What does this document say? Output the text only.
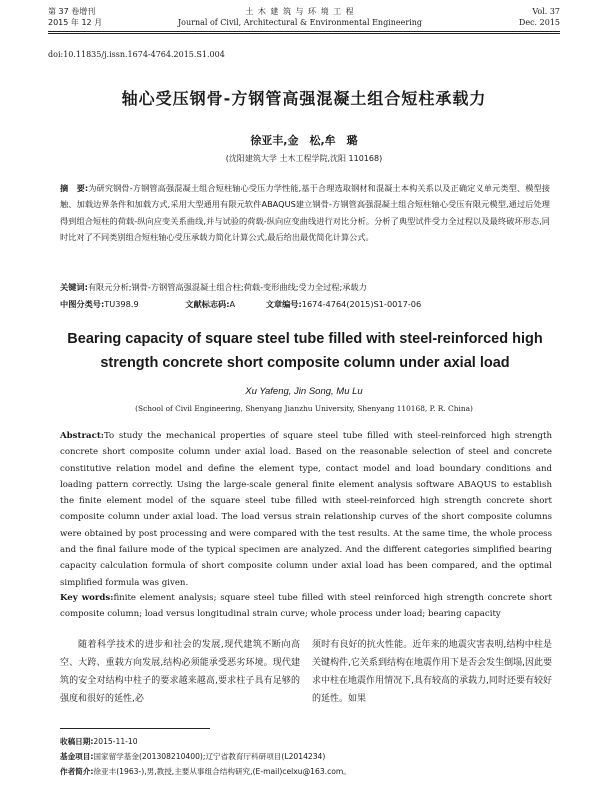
第 37 卷增刊
2015 年 12 月
土 木 建 筑 与 环 境 工 程
Journal of Civil, Architectural & Environmental Engineering
Vol. 37
Dec. 2015
doi:10.11835/j.issn.1674-4764.2015.S1.004
轴心受压钢骨-方钢管高强混凝土组合短柱承载力
徐亚丰,金　松,牟　璐
(沈阳建筑大学 土木工程学院,沈阳 110168)
摘　要:为研究钢骨-方钢管高强混凝土组合短柱轴心受压力学性能,基于合理选取钢材和混凝土本构关系以及正确定义单元类型、模型接触、加载边界条件和加载方式,采用大型通用有限元软件ABAQUS建立钢骨-方钢管高强混凝土组合短柱轴心受压有限元模型,通过后处理得到组合短柱的荷载-纵向应变关系曲线,并与试验的荷载-纵向应变曲线进行对比分析。分析了典型试件受力全过程以及最终破坏形态,同时比对了不同类别组合短柱轴心受压承载力简化计算公式,最后给出最优简化计算公式。
关键词:有限元分析;钢骨-方钢管高强混凝土组合柱;荷载-变形曲线;受力全过程;承载力
中图分类号:TU398.9	文献标志码:A	文章编号:1674-4764(2015)S1-0017-06
Bearing capacity of square steel tube filled with steel-reinforced high strength concrete short composite column under axial load
Xu Yafeng, Jin Song, Mu Lu
(School of Civil Engineering, Shenyang Jianzhu University, Shenyang 110168, P. R. China)
Abstract:To study the mechanical properties of square steel tube filled with steel-reinforced high strength concrete short composite column under axial load. Based on the reasonable selection of steel and concrete constitutive relation model and define the element type, contact model and load boundary conditions and loading pattern correctly. Using the large-scale general finite element analysis software ABAQUS to establish the finite element model of the square steel tube filled with steel-reinforced high strength concrete short composite column under axial load. The load versus strain relationship curves of the short composite columns were obtained by post processing and were compared with the test results. At the same time, the whole process and the final failure mode of the typical specimen are analyzed. And the different categories simplified bearing capacity calculation formula of short composite column under axial load has been compared, and the optimal simplified formula was given.
Key words:finite element analysis; square steel tube filled with steel reinforced high strength concrete short composite column; load versus longitudinal strain curve; whole process under load; bearing capacity
随着科学技术的进步和社会的发展,现代建筑不断向高空、大跨、重载方向发展,结构必须能承受恶劣环境。现代建筑的安全对结构中柱子的要求越来越高,要求柱子具有足够的强度和很好的延性,必
须时有良好的抗火性能。近年来的地震灾害表明,结构中柱是关键构件,它关系到结构在地震作用下是否会发生倒塌,因此要求中柱在地震作用情况下,具有较高的承载力,同时还要有较好的延性。如果
收稿日期:2015-11-10
基金项目:国家留学基金(201308210400);辽宁省教育厅科研项目(L2014234)
作者简介:徐亚丰(1963-),男,教授,主要从事组合结构研究,(E-mail)celxu@163.com。
